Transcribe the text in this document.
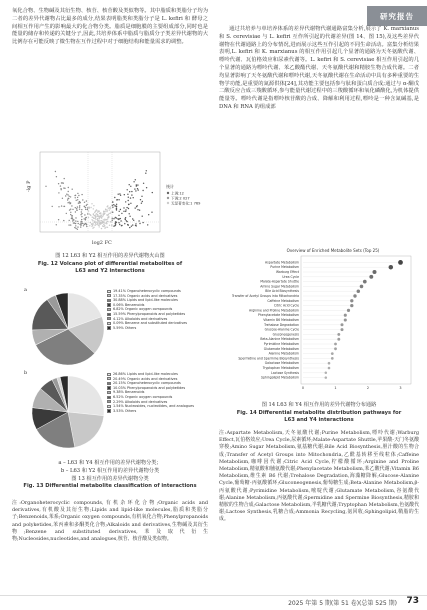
研究报告

氧化合物、生物碱及其衍生物、核苷、核苷酸及类似物等。其中脂质和类脂分子均为二者的差异代谢物占比最多的成分,结果表明脂类和类脂分子是 L. kefiri 和 酵母之间相互作用产生的影响最大的化合物分类。脂质是细胞膜的主要组成部分,同时也是能量的储存和传递的关键分子,因此,共培养体系中脂质与脂质分子类差异代谢物的大比例存在可能反映了微生物在互作过程中对于细胞结构和能量需求的调整。

-lg P
log2 FC
统计
上调:12
下调:2 027
无显著变化:1 769

图 12 L63 和 Y2 相互作用的差异代谢物火山图

Fig. 12 Volcano plot of differential metabolites of

L63 and Y2 interactions

a	19.41% Organoheterocyclic compounds
17.35% Organic acids and derivatives
30.88% Lipids and lipid-like molecules
0.06% Benzenoids
6.82% Organic oxygen compounds
15.59% Phenylpropanoids and polyketides
4.12% Alkaloids and derivatives
0.09% Benzene and substituted derivatives
5.59% Others
b	26.86% Lipids and lipid-like molecules
20.49% Organic acids and derivatives
20.15% Organoheterocyclic compounds
10.03% Phenylpropanoids and polyketides
9.38% Benzenoids
6.52% Organic oxygen compounds
2.29% Alkaloids and derivatives
1.54% Nucleosides, nucleotides, and analogues
3.53% Others

a – L63 和 Y4 相互作用的差异代谢物分类；

b – L63 和 Y2 相互作用的差异代谢物分类

图 13 相互作用的差异代谢物分类

Fig. 13 Differential metabolite classification of interactions

注:Organoheterocyclic compounds,有机杂环化合物;Organic acids and derivatives,有机酸及其衍生物;Lipids and lipid-like molecules,脂质和类脂分子;Benzenoids,苯系;Organic oxygen compounds,有机氧化合物;Phenylpropanoids and polyketides,苯丙素和多酮类化合物;Alkaloids and derivatives,生物碱及其衍生物;Benzene and substituted derivatives,苯及取代衍生物;Nucleosides,nucleotides,and analogues,核苷、核苷酸及类似物。

通过共培养与单培养体系的差异代谢物代谢通路富集分析,展示了 K. marxianus 和 S. cerevisiae 与 L. kefiri 互作所引起的代谢差异(图 14、图 15),及这些差异代谢物在代谢通路上的分布情况,进而展示这些互作引起的不同生命活动。富集分析结果表明,L. kefiri 和 K. marxianus 的相互作用引起几个显著的通路为天冬氨酸代谢、嘌呤代谢、瓦伯格效应和尿素代谢等。L. kefiri 和 S. cerevisiae 相互作用引起的几个显著的通路为嘌呤代谢、苯乙酸酯代谢、天冬氨酸代谢和精胺生物合成代谢。二者均显著影响了天冬氨酸代谢和嘌呤代谢,天冬氨酸代谢在生命活动中具有多种重要的生物学功能,是重要的氮源供体[24],其功能主要包括参与肽和蛋白质合成;通过与 α-酮戊二酸反应合成三羧酸循环,参与能量代谢过程中的三羧酸循环和氧化磷酸化,为机体提供能量等。嘌呤代谢是指嘌呤核苷酸的合成、降解和利用过程,嘌呤是一种含氮碱基,是 DNA 和 RNA 的组成部

Overview of Enriched Metabolite Sets (Top 25)
Aspartate Metabolism
Purine Metabolism
Warburg Effect
Urea Cycle
Malate-Aspartate Shuttle
Amino Sugar Metabolism
Bile Acid Biosynthesis
Transfer of Acetyl Groups into Mitochondria
Caffeine Metabolism
Citric Acid Cycle
Arginine and Proline Metabolism
Phenylacetate Metabolism
Vitamin B6 Metabolism
Trehalose Degradation
Glucose-Alanine Cycle
Gluconeogenesis
Beta-Alanine Metabolism
Pyrimidine Metabolism
Glutamate Metabolism
Alanine Metabolism
Spermidine and Spermine Biosynthesis
Galactose Metabolism
Tryptophan Metabolism
Lactose Synthesis
Sphingolipid Metabolism
0	1	2	3

图 14 L63 和 Y4 相互作用的差异代谢物分布通路

Fig. 14 Differential metabolite distribution pathways for

L63 and Y4 interactions

注:Aspartate Metabolism,天冬氨酸代谢;Purine Metabolism,嘌呤代谢;Warburg Effect,瓦伯格效应;Urea Cycle,尿素循环;Malate-Aspartate Shuttle,苹果酸-天门冬氨酸穿梭;Amino Sugar Metabolism,氨基糖代谢;Bile Acid Biosynthesis,胆汁酸的生物合成;Transfer of Acetyl Groups into Mitochondria,乙酰基转移至线粒体;Caffeine Metabolism,咖啡因代谢;Citric Acid Cycle,柠檬酸循环;Arginine and Proline Metabolism,精氨酸和脯氨酸代谢;Phenylacetate Metabolism,苯乙酸代谢;Vitamin B6 Metabolism,维生素 B6 代谢;Trehalose Degradation,海藻糖降解;Glucose-Alanine Cycle,葡萄糖-丙氨酸循环;Gluconeogenesis,葡萄糖生成;Beta-Alanine Metabolism,β-丙氨酸代谢;Pyrimidine Metabolism,嘧啶代谢;Glutamate Metabolism,谷氨酸代谢;Alanine Metabolism,丙氨酸代谢;Spermidine and Spermine Biosynthesis,精胺和精胺的生物合成;Galactose Metabolism,半乳糖代谢;Tryptophan Metabolism,色氨酸代谢;Lactose Synthesis,乳糖合成;Ammonia Recycling,氨回收;Sphingolipid,鞘脂的生成。

2025 年第 5 期(第 51 卷)(总第 525 期) 73
